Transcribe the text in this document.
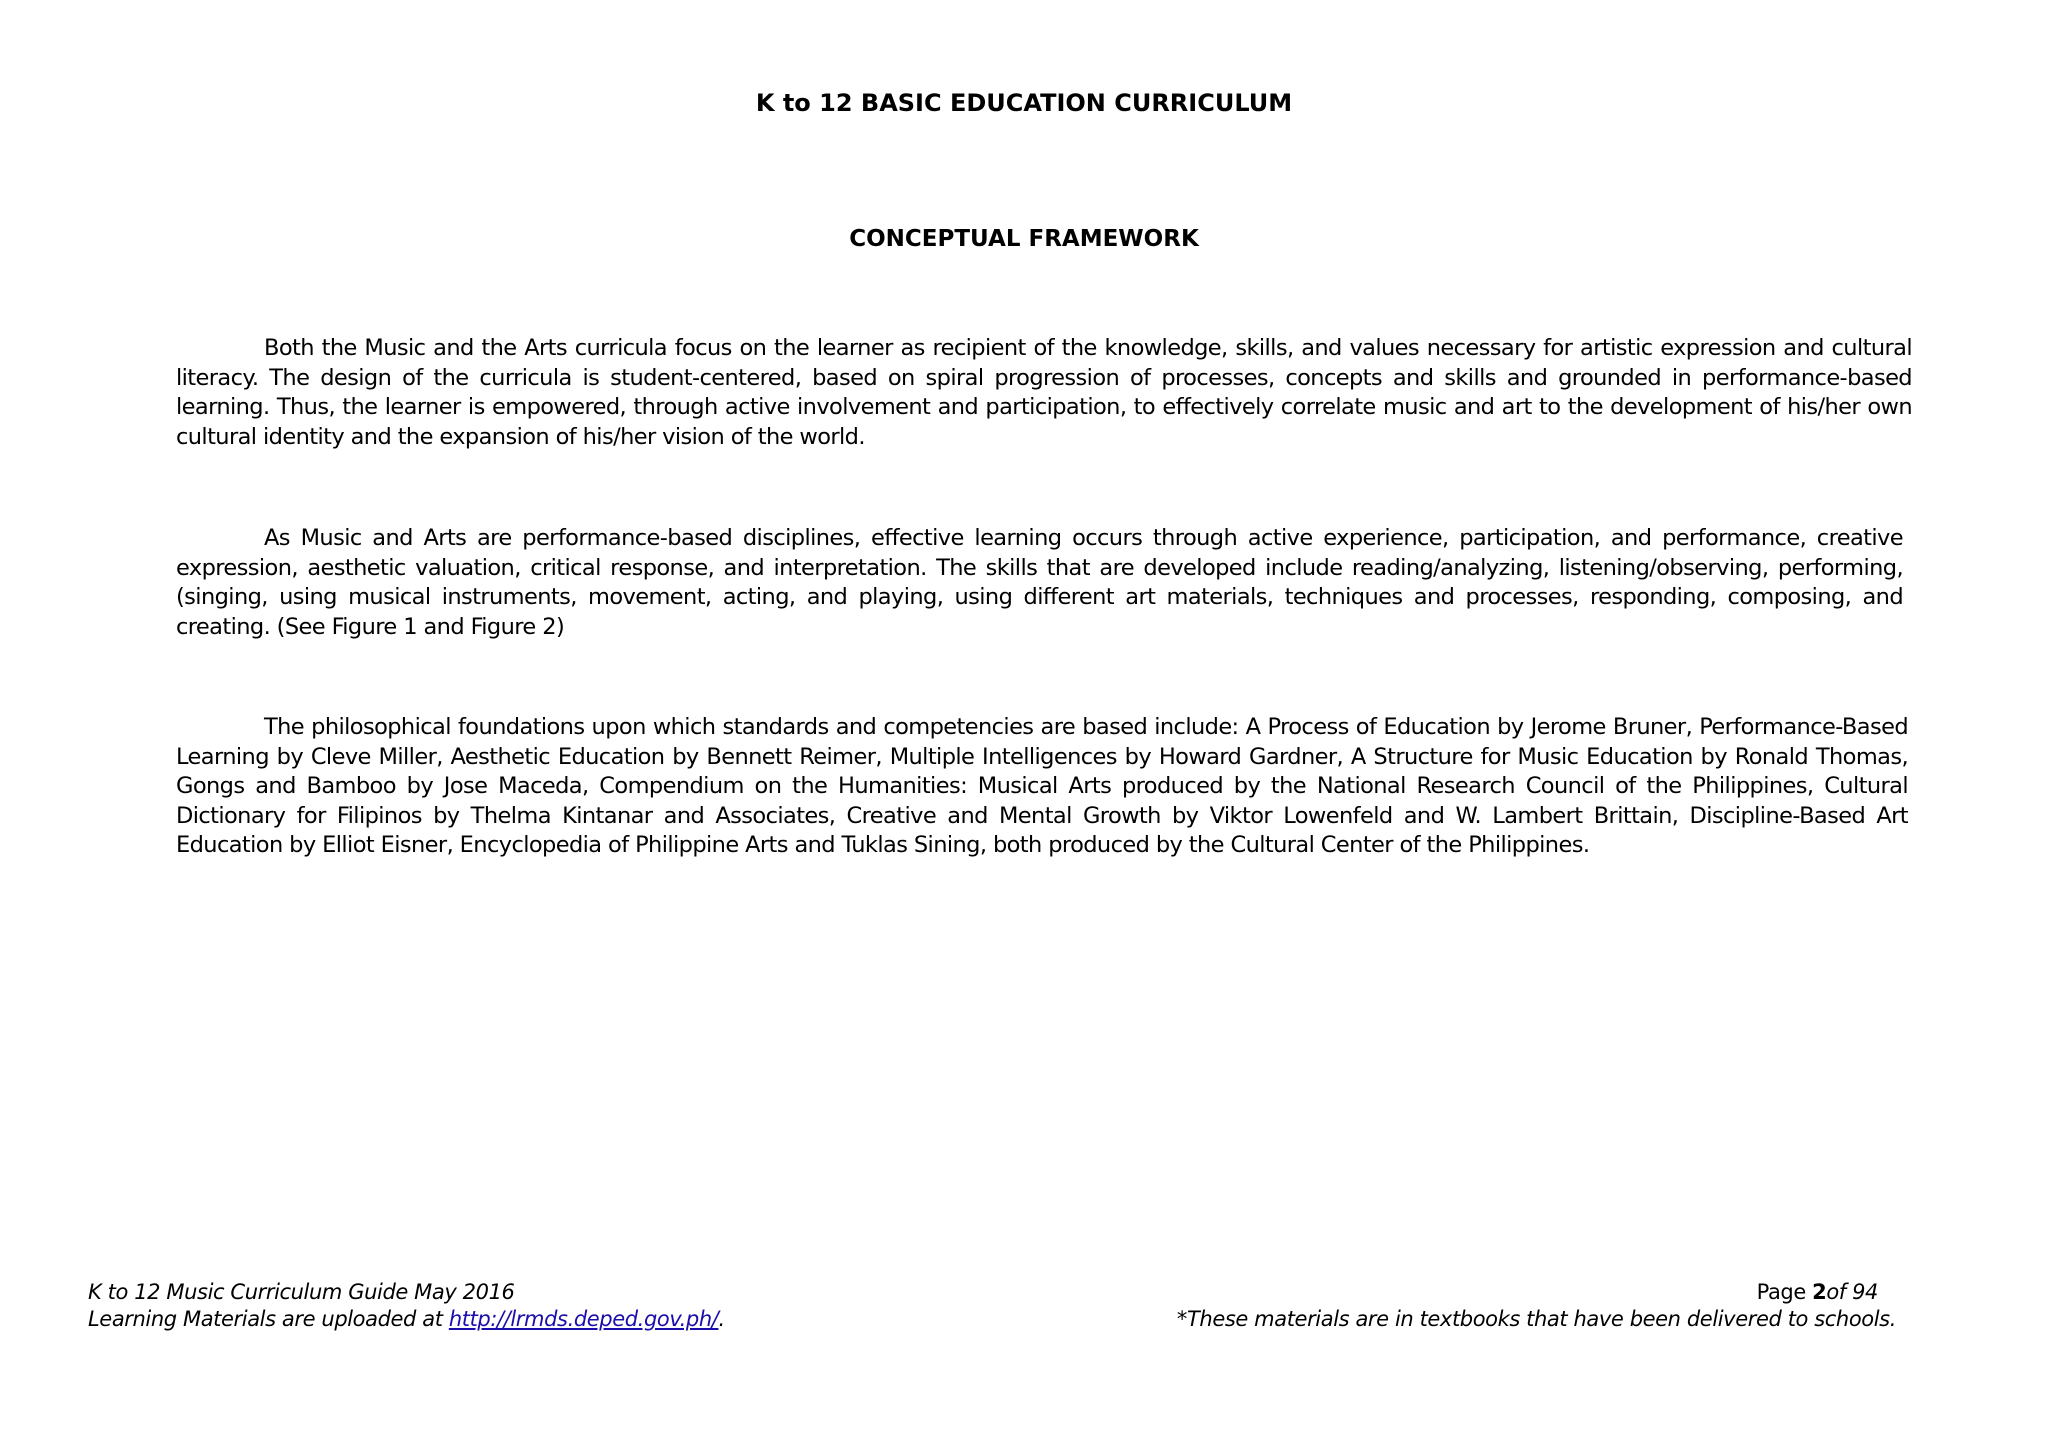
K to 12 BASIC EDUCATION CURRICULUM
CONCEPTUAL FRAMEWORK

Both the Music and the Arts curricula focus on the learner as recipient of the knowledge, skills, and values necessary for artistic expression and cultural literacy. The design of the curricula is student-centered, based on spiral progression of processes, concepts and skills and grounded in performance-based learning. Thus, the learner is empowered, through active involvement and participation, to effectively correlate music and art to the development of his/her own cultural identity and the expansion of his/her vision of the world.

As Music and Arts are performance-based disciplines, effective learning occurs through active experience, participation, and performance, creative expression, aesthetic valuation, critical response, and interpretation. The skills that are developed include reading/analyzing, listening/observing, performing, (singing, using musical instruments, movement, acting, and playing, using different art materials, techniques and processes, responding, composing, and creating. (See Figure 1 and Figure 2)

The philosophical foundations upon which standards and competencies are based include: A Process of Education by Jerome Bruner, Performance-Based Learning by Cleve Miller, Aesthetic Education by Bennett Reimer, Multiple Intelligences by Howard Gardner, A Structure for Music Education by Ronald Thomas, Gongs and Bamboo by Jose Maceda, Compendium on the Humanities: Musical Arts produced by the National Research Council of the Philippines, Cultural Dictionary for Filipinos by Thelma Kintanar and Associates, Creative and Mental Growth by Viktor Lowenfeld and W. Lambert Brittain, Discipline-Based Art Education by Elliot Eisner, Encyclopedia of Philippine Arts and Tuklas Sining, both produced by the Cultural Center of the Philippines.

K to 12 Music Curriculum Guide May 2016
Learning Materials are uploaded at http://lrmds.deped.gov.ph/.
Page 2of 94
*These materials are in textbooks that have been delivered to schools.
